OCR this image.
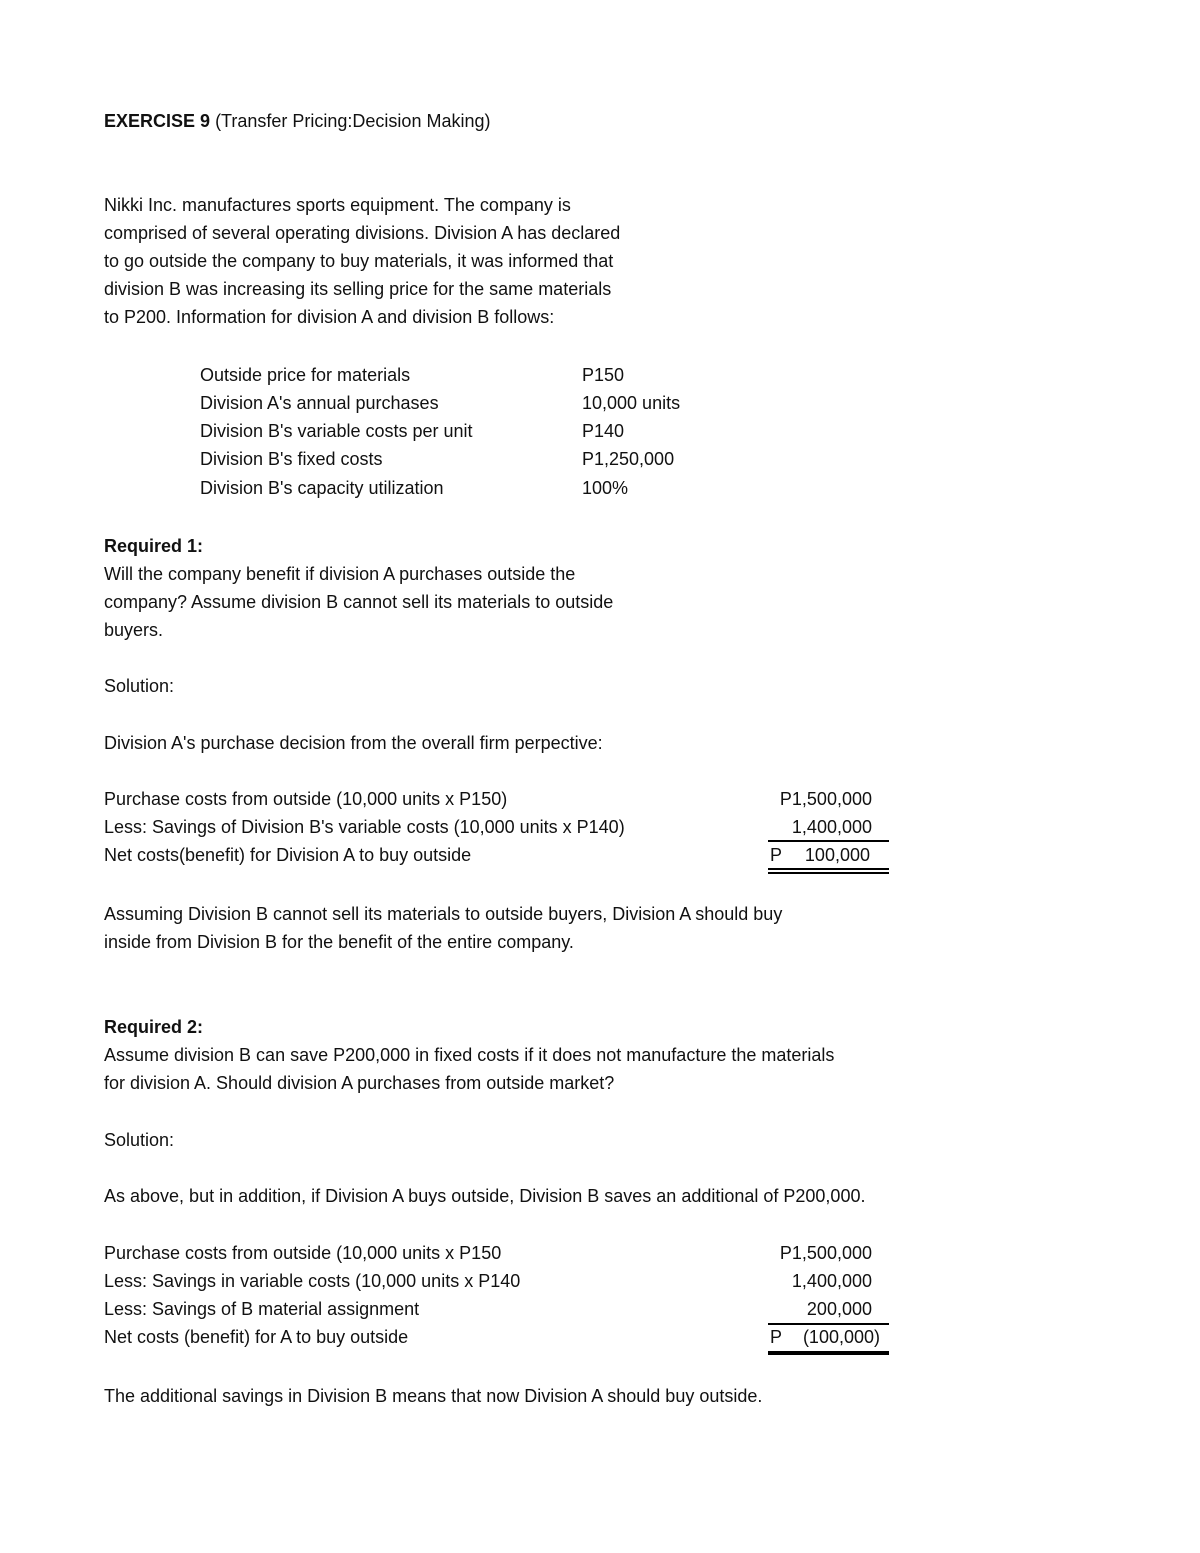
EXERCISE 9 (Transfer Pricing:Decision Making)
Nikki Inc. manufactures sports equipment. The company is
comprised of several operating divisions. Division A has declared
to go outside the company to buy materials, it was informed that
division B was increasing its selling price for the same materials
to P200. Information for division A and division B follows:
Outside price for materials	P150
Division A's annual purchases	10,000 units
Division B's variable costs per unit	P140
Division B's fixed costs	P1,250,000
Division B's capacity utilization	100%
Required 1:
Will the company benefit if division A purchases outside the
company? Assume division B cannot sell its materials to outside
buyers.
Solution:
Division A's purchase decision from the overall firm perpective:
Purchase costs from outside (10,000 units x P150)	P1,500,000
Less: Savings of Division B's variable costs (10,000 units x P140)	1,400,000
Net costs(benefit) for Division A to buy outside	P 100,000
Assuming Division B cannot sell its materials to outside buyers, Division A should buy
inside from Division B for the benefit of the entire company.
Required 2:
Assume division B can save P200,000 in fixed costs if it does not manufacture the materials
for division A. Should division A purchases from outside market?
Solution:
As above, but in addition, if Division A buys outside, Division B saves an additional of P200,000.
Purchase costs from outside (10,000 units x P150	P1,500,000
Less: Savings in variable costs (10,000 units x P140	1,400,000
Less: Savings of B material assignment	200,000
Net costs (benefit) for A to buy outside	P (100,000)
The additional savings in Division B means that now Division A should buy outside.
